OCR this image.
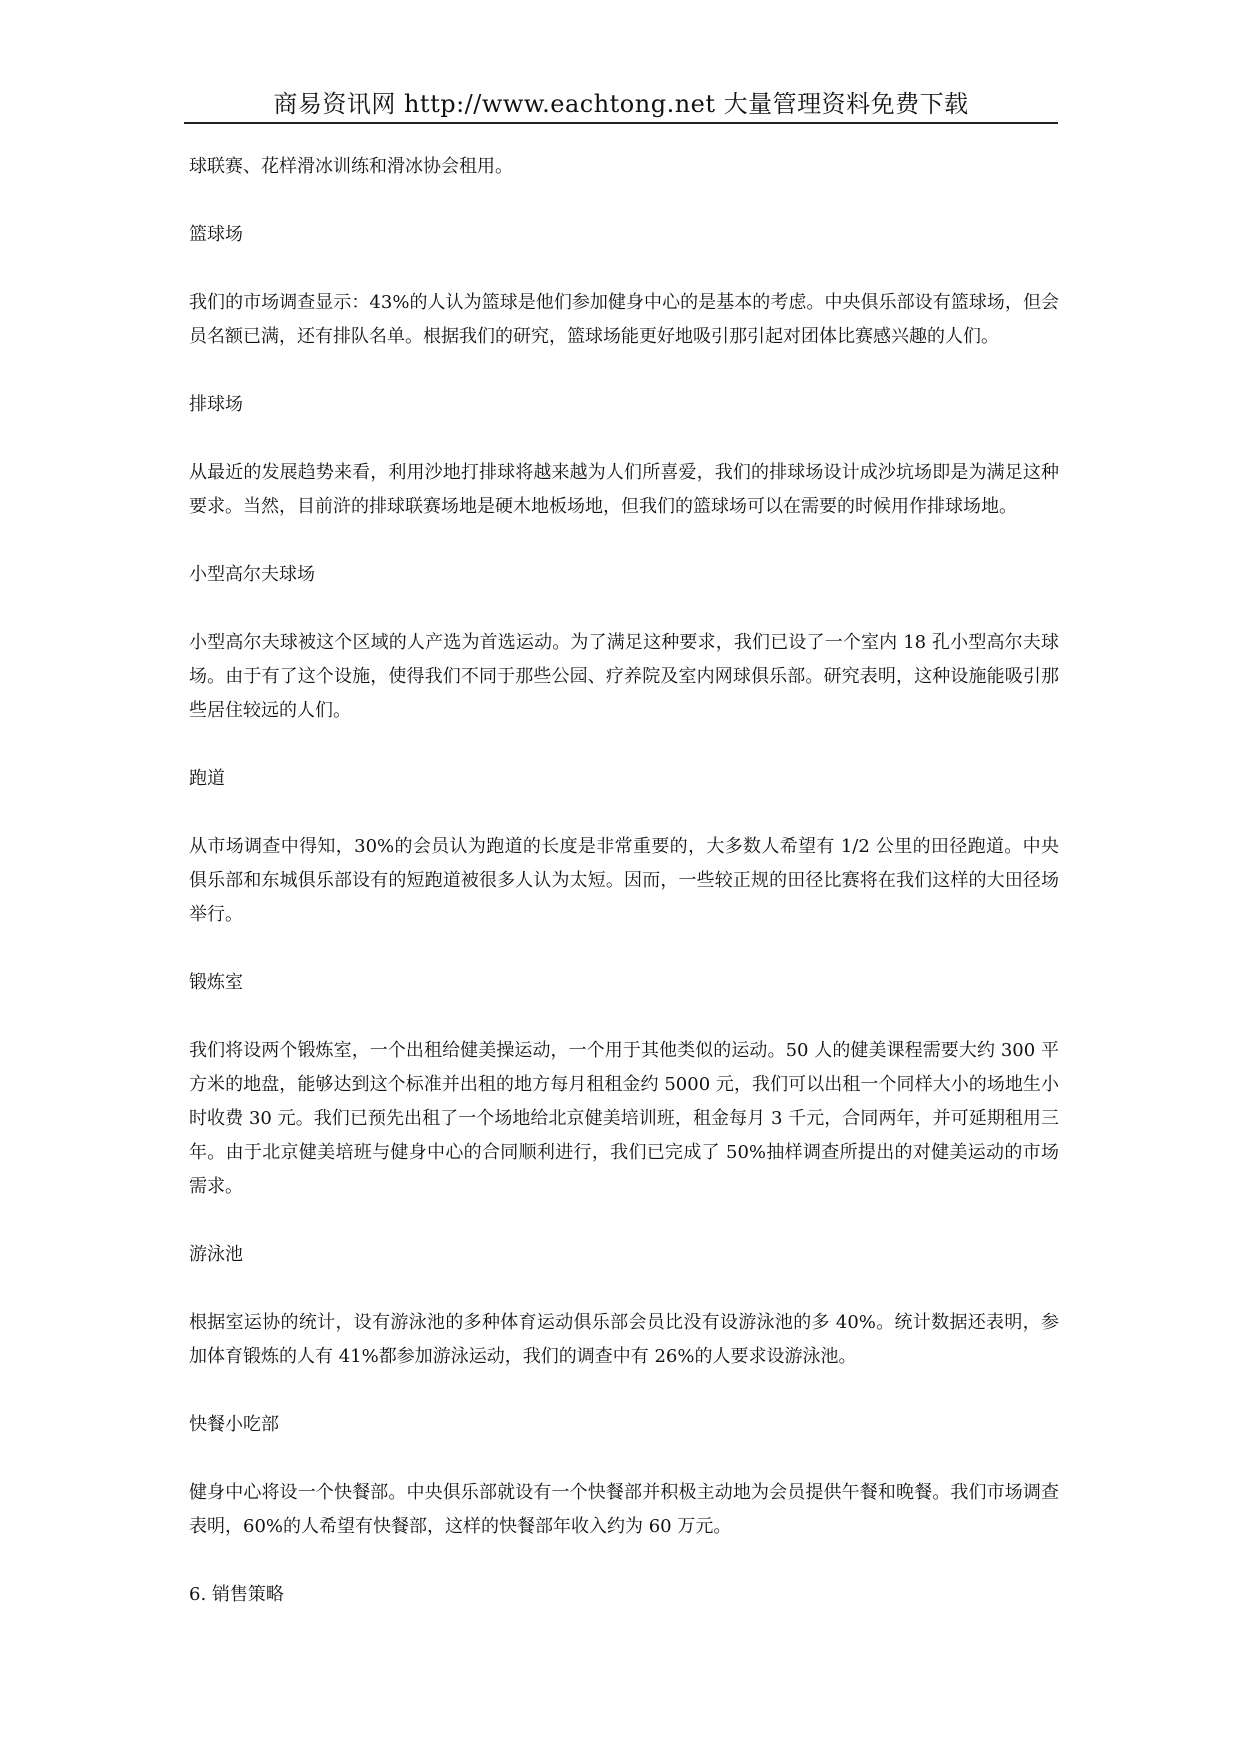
商易资讯网 http://www.eachtong.net 大量管理资料免费下载

球联赛、花样滑冰训练和滑冰协会租用。

篮球场

我们的市场调查显示：43%的人认为篮球是他们参加健身中心的是基本的考虑。中央俱乐部设有篮球场，但会员名额已满，还有排队名单。根据我们的研究，篮球场能更好地吸引那引起对团体比赛感兴趣的人们。

排球场

从最近的发展趋势来看，利用沙地打排球将越来越为人们所喜爱，我们的排球场设计成沙坑场即是为满足这种要求。当然，目前浒的排球联赛场地是硬木地板场地，但我们的篮球场可以在需要的时候用作排球场地。

小型高尔夫球场

小型高尔夫球被这个区域的人产选为首选运动。为了满足这种要求，我们已设了一个室内 18 孔小型高尔夫球场。由于有了这个设施，使得我们不同于那些公园、疗养院及室内网球俱乐部。研究表明，这种设施能吸引那些居住较远的人们。

跑道

从市场调查中得知，30%的会员认为跑道的长度是非常重要的，大多数人希望有 1/2 公里的田径跑道。中央俱乐部和东城俱乐部设有的短跑道被很多人认为太短。因而，一些较正规的田径比赛将在我们这样的大田径场举行。

锻炼室

我们将设两个锻炼室，一个出租给健美操运动，一个用于其他类似的运动。50 人的健美课程需要大约 300 平方米的地盘，能够达到这个标准并出租的地方每月租租金约 5000 元，我们可以出租一个同样大小的场地生小时收费 30 元。我们已预先出租了一个场地给北京健美培训班，租金每月 3 千元，合同两年，并可延期租用三年。由于北京健美培班与健身中心的合同顺利进行，我们已完成了 50%抽样调查所提出的对健美运动的市场需求。

游泳池

根据室运协的统计，设有游泳池的多种体育运动俱乐部会员比没有设游泳池的多 40%。统计数据还表明，参加体育锻炼的人有 41%都参加游泳运动，我们的调查中有 26%的人要求设游泳池。

快餐小吃部

健身中心将设一个快餐部。中央俱乐部就设有一个快餐部并积极主动地为会员提供午餐和晚餐。我们市场调查表明，60%的人希望有快餐部，这样的快餐部年收入约为 60 万元。

6. 销售策略
